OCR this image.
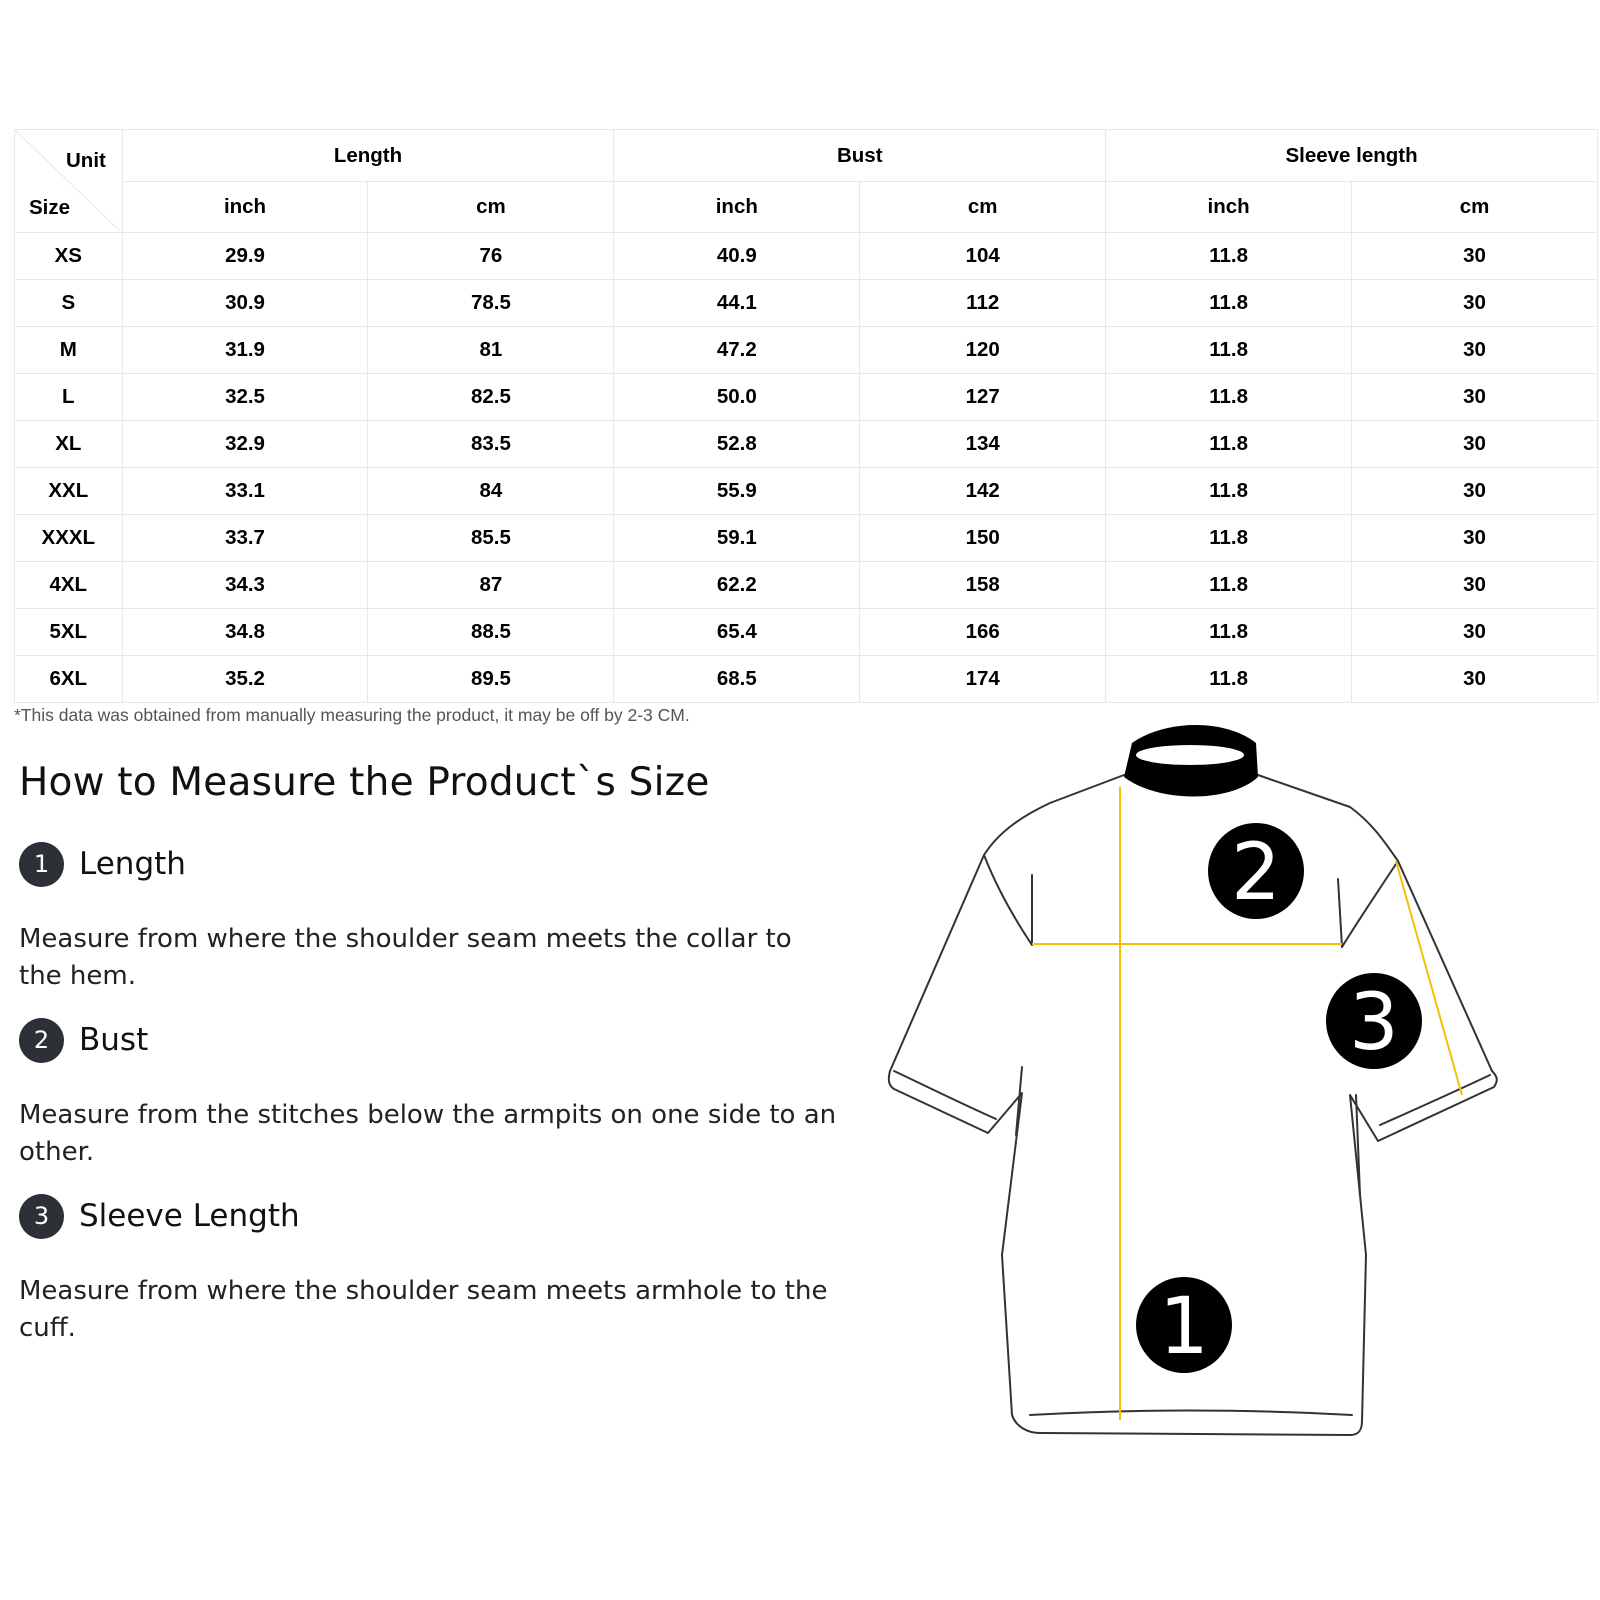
Unit
Size	Length		Bust		Sleeve length	
	inch	cm	inch	cm	inch	cm
XS	29.9	76	40.9	104	11.8	30
S	30.9	78.5	44.1	112	11.8	30
M	31.9	81	47.2	120	11.8	30
L	32.5	82.5	50.0	127	11.8	30
XL	32.9	83.5	52.8	134	11.8	30
XXL	33.1	84	55.9	142	11.8	30
XXXL	33.7	85.5	59.1	150	11.8	30
4XL	34.3	87	62.2	158	11.8	30
5XL	34.8	88.5	65.4	166	11.8	30
6XL	35.2	89.5	68.5	174	11.8	30
*This data was obtained from manually measuring the product, it may be off by 2-3 CM.
How to Measure the Product`s Size
1 Length

Measure from where the shoulder seam meets the collar to the hem.

2 Bust

Measure from the stitches below the armpits on one side to an other.

3 Sleeve Length

Measure from where the shoulder seam meets armhole to the cuff.

2
3
1
